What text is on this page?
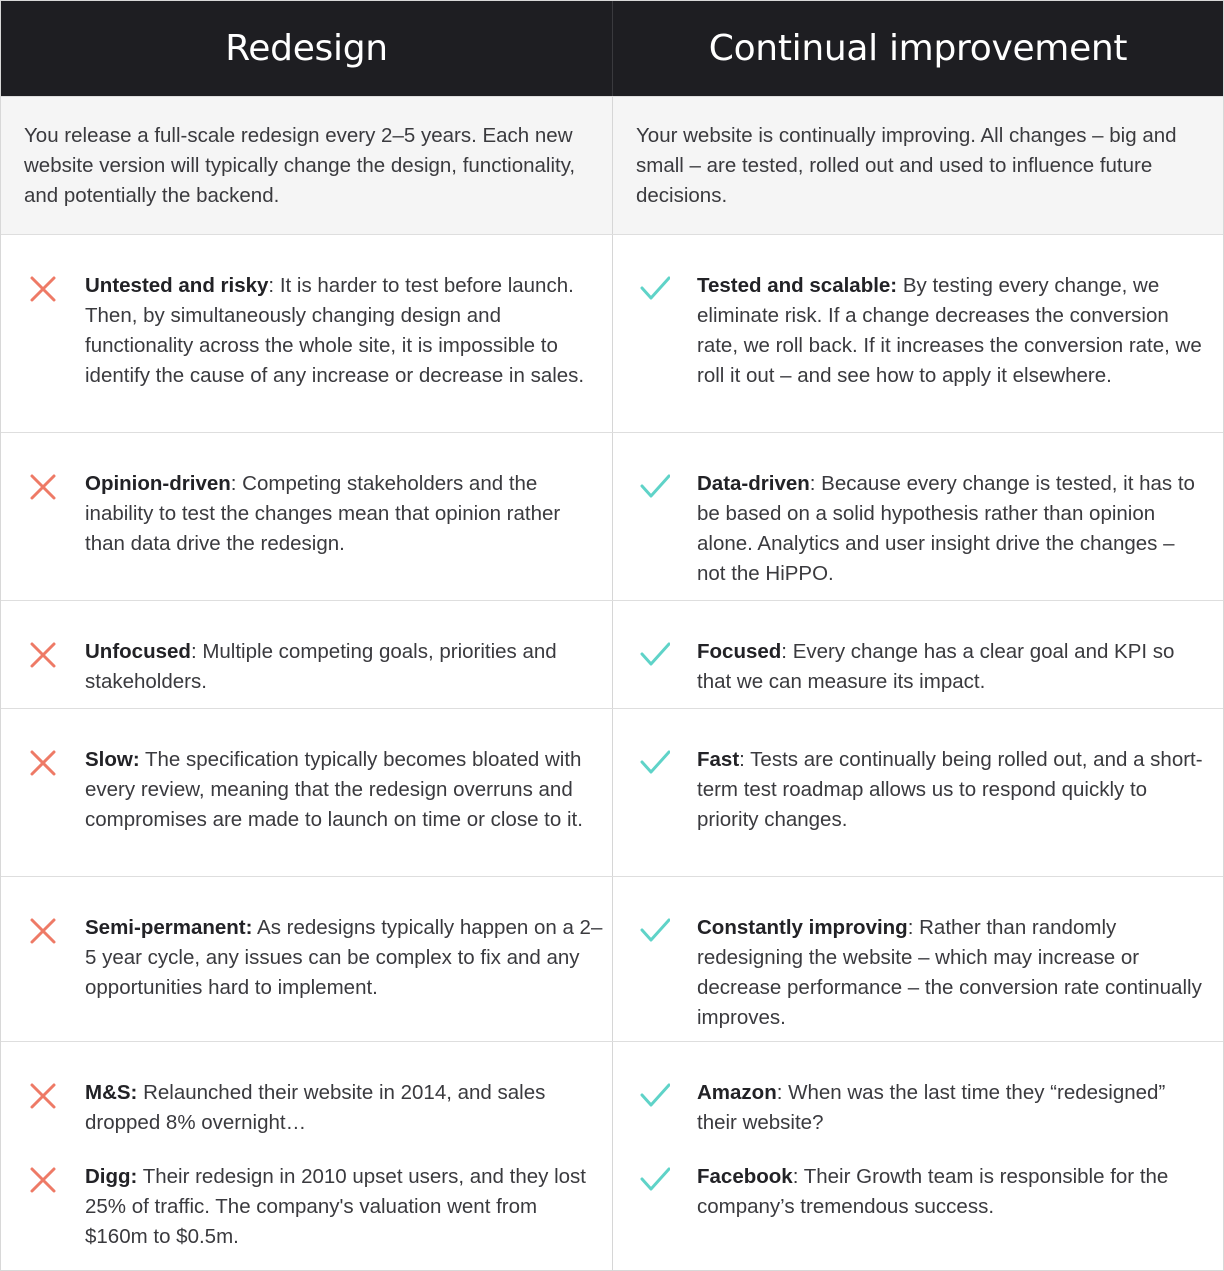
Redesign	Continual improvement
You release a full-scale redesign every 2–5 years. Each new website version will typically change the design, functionality, and potentially the backend.
Your website is continually improving. All changes – big and small – are tested, rolled out and used to influence future decisions.
Untested and risky: It is harder to test before launch. Then, by simultaneously changing design and functionality across the whole site, it is impossible to identify the cause of any increase or decrease in sales.
Tested and scalable: By testing every change, we eliminate risk. If a change decreases the conversion rate, we roll back. If it increases the conversion rate, we roll it out – and see how to apply it elsewhere.
Opinion-driven: Competing stakeholders and the inability to test the changes mean that opinion rather than data drive the redesign.
Data-driven: Because every change is tested, it has to be based on a solid hypothesis rather than opinion alone. Analytics and user insight drive the changes – not the HiPPO.
Unfocused: Multiple competing goals, priorities and stakeholders.
Focused: Every change has a clear goal and KPI so that we can measure its impact.
Slow: The specification typically becomes bloated with every review, meaning that the redesign overruns and compromises are made to launch on time or close to it.
Fast: Tests are continually being rolled out, and a short-term test roadmap allows us to respond quickly to priority changes.
Semi-permanent: As redesigns typically happen on a 2–5 year cycle, any issues can be complex to fix and any opportunities hard to implement.
Constantly improving: Rather than randomly redesigning the website – which may increase or decrease performance – the conversion rate continually improves.
M&S: Relaunched their website in 2014, and sales dropped 8% overnight…
Digg: Their redesign in 2010 upset users, and they lost 25% of traffic. The company's valuation went from $160m to $0.5m.
Amazon: When was the last time they “redesigned” their website?
Facebook: Their Growth team is responsible for the company’s tremendous success.
